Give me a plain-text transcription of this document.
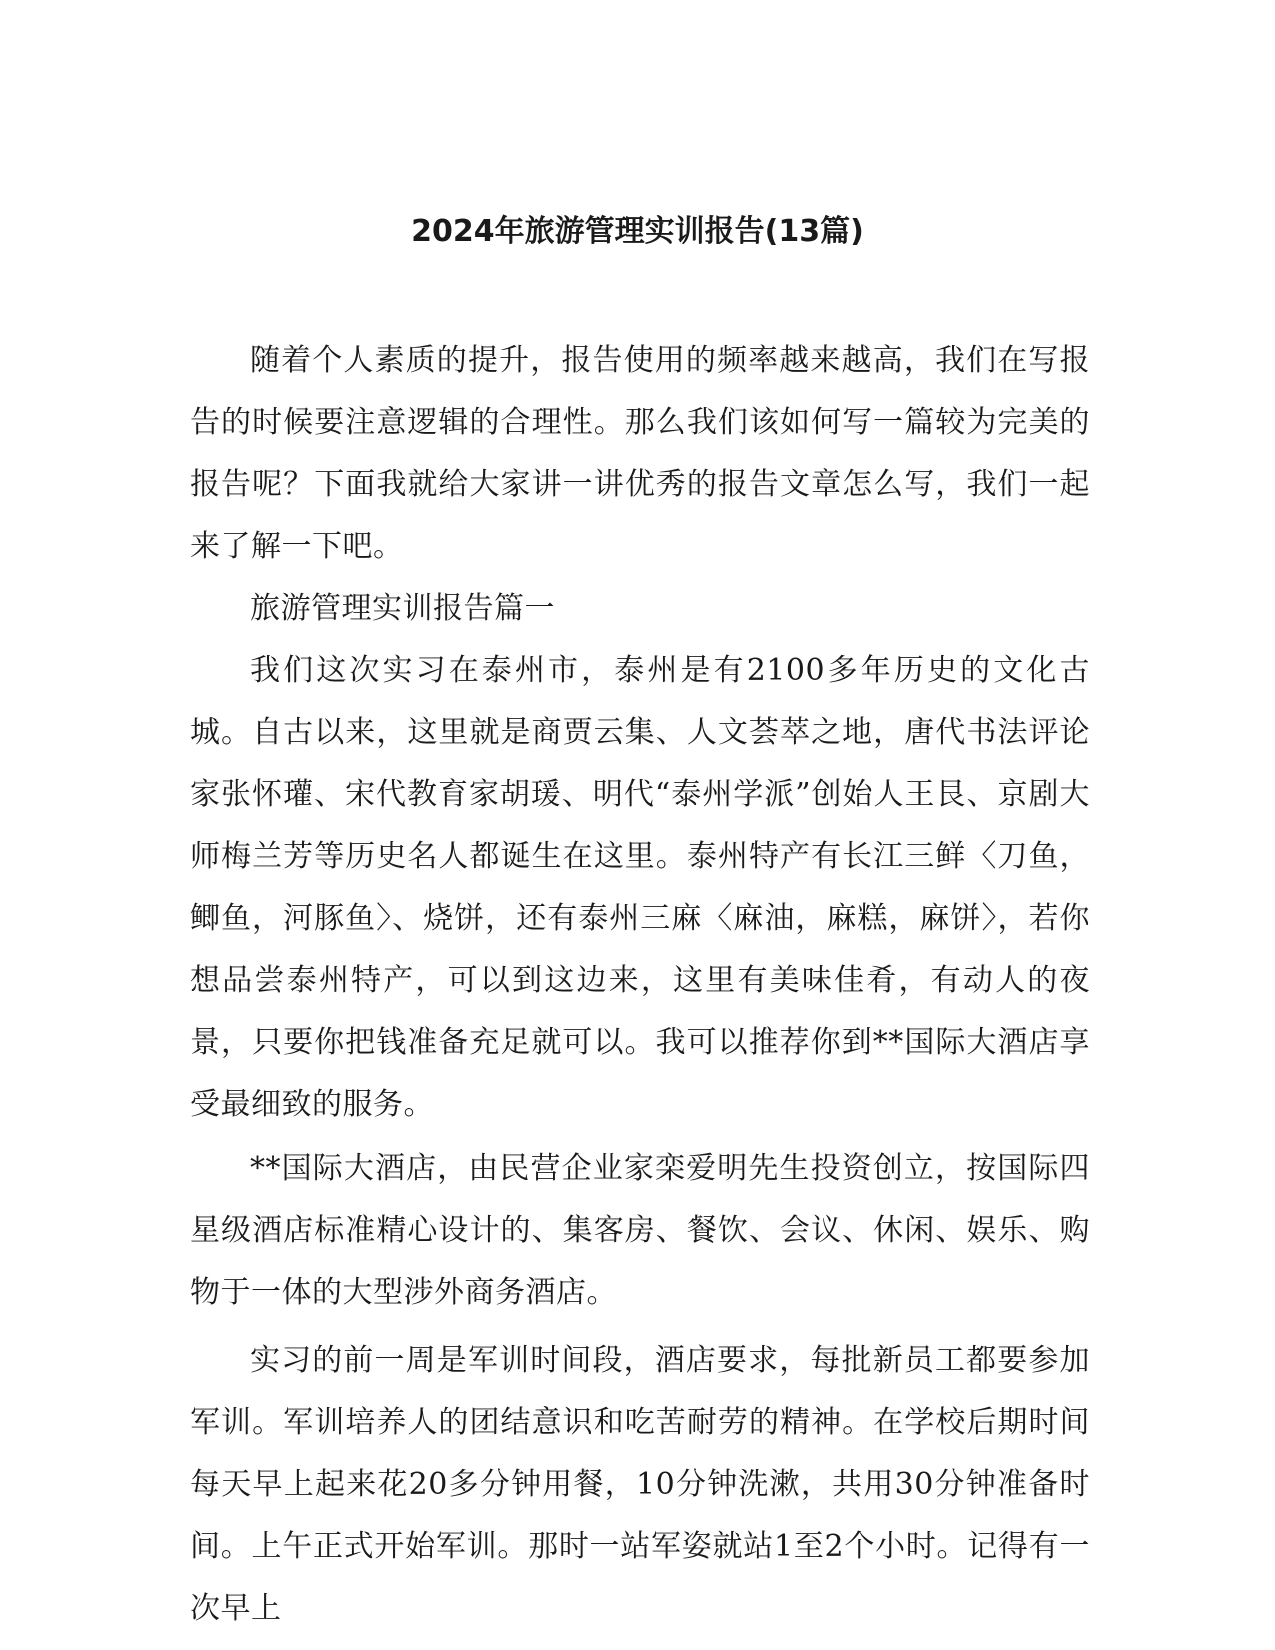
2024年旅游管理实训报告(13篇)

随着个人素质的提升，报告使用的频率越来越高，我们在写报告的时候要注意逻辑的合理性。那么我们该如何写一篇较为完美的报告呢？下面我就给大家讲一讲优秀的报告文章怎么写，我们一起来了解一下吧。

旅游管理实训报告篇一

我们这次实习在泰州市，泰州是有2100多年历史的文化古城。自古以来，这里就是商贾云集、人文荟萃之地，唐代书法评论家张怀瓘、宋代教育家胡瑗、明代“泰州学派”创始人王艮、京剧大师梅兰芳等历史名人都诞生在这里。泰州特产有长江三鲜〈刀鱼，鲫鱼，河豚鱼〉、烧饼，还有泰州三麻〈麻油，麻糕，麻饼〉，若你想品尝泰州特产，可以到这边来，这里有美味佳肴，有动人的夜景，只要你把钱准备充足就可以。我可以推荐你到**国际大酒店享受最细致的服务。

**国际大酒店，由民营企业家栾爱明先生投资创立，按国际四星级酒店标准精心设计的、集客房、餐饮、会议、休闲、娱乐、购物于一体的大型涉外商务酒店。

实习的前一周是军训时间段，酒店要求，每批新员工都要参加军训。军训培养人的团结意识和吃苦耐劳的精神。在学校后期时间每天早上起来花20多分钟用餐，10分钟洗漱，共用30分钟准备时间。上午正式开始军训。那时一站军姿就站1至2个小时。记得有一次早上
